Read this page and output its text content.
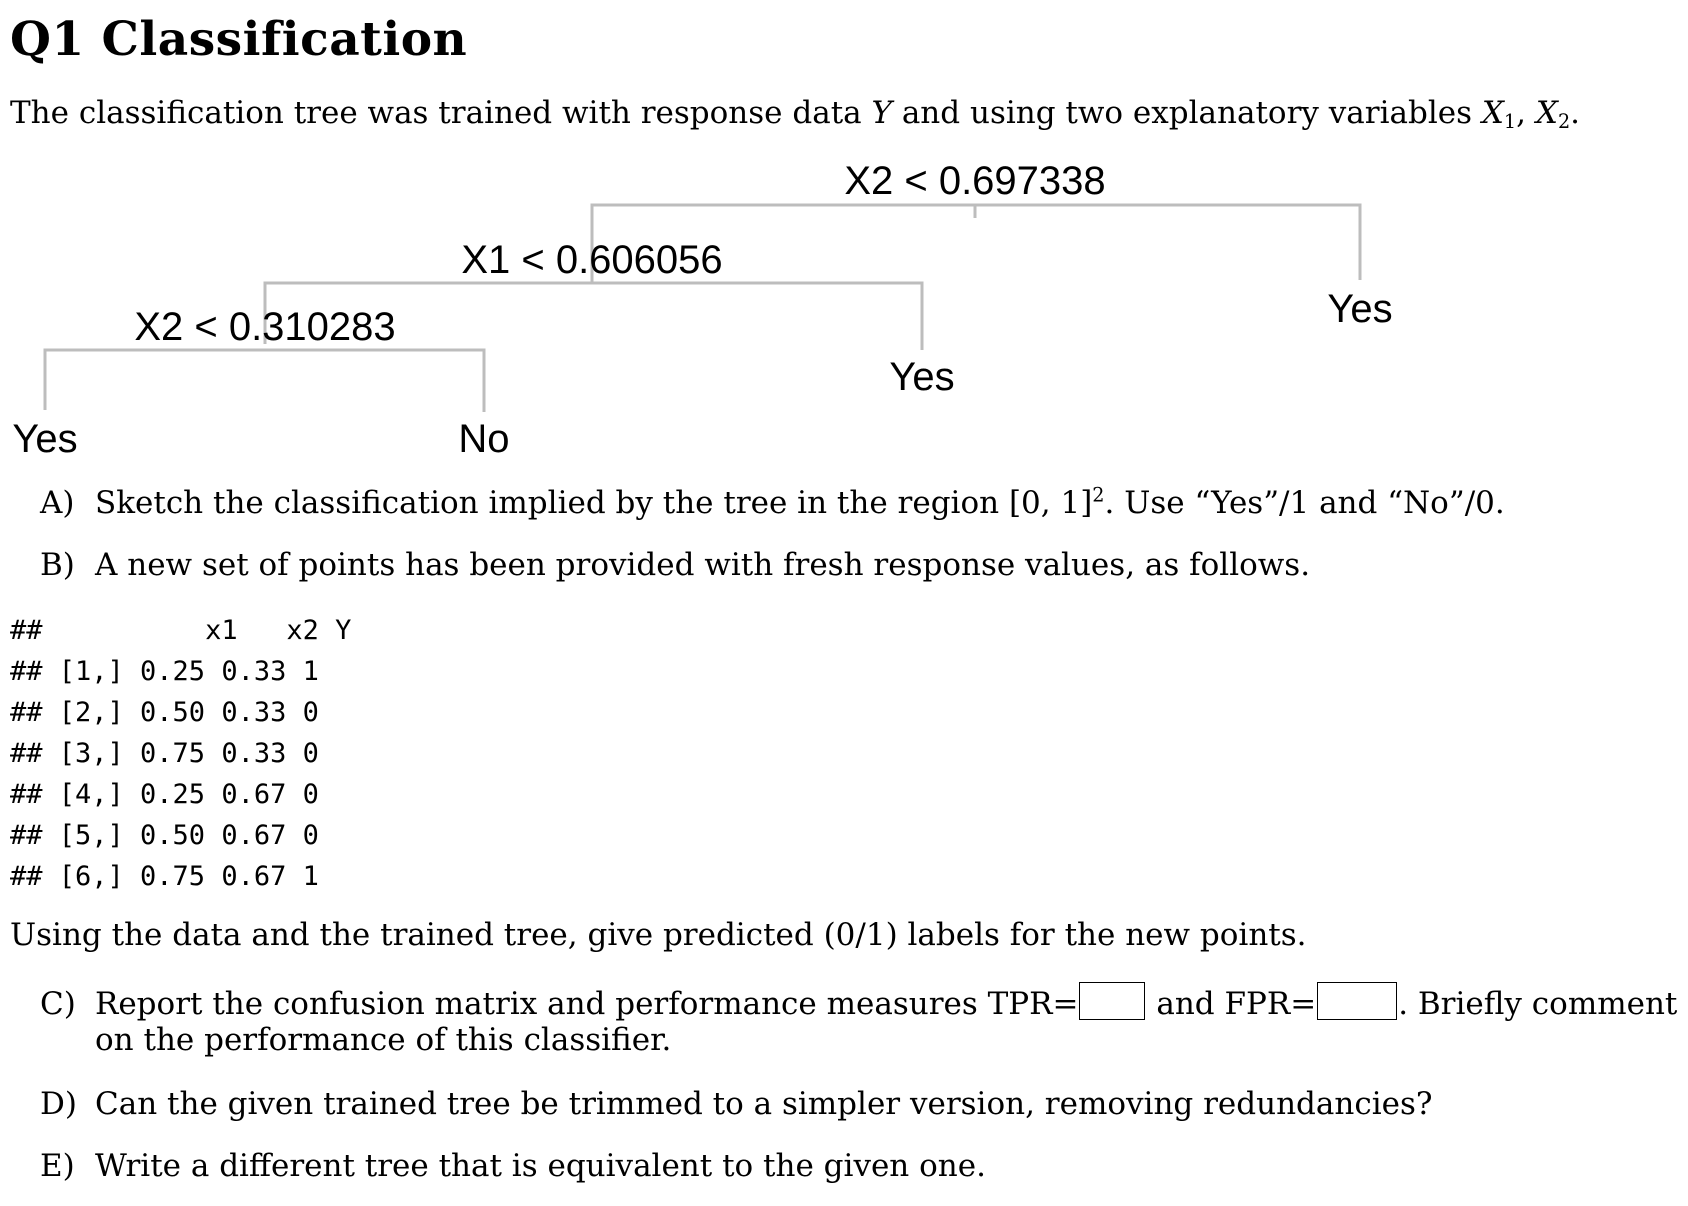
Q1 Classification
The classification tree was trained with response data Y and using two explanatory variables $X_1$, $X_2$.
X2 < 0.697338
X1 < 0.606056
X2 < 0.310283	Yes
Yes
Yes	No
A) Sketch the classification implied by the tree in the region [0, 1]$^2$. Use “Yes”/1 and “No”/0.
B) A new set of points has been provided with fresh response values, as follows.
##          x1   x2 Y
## [1,] 0.25 0.33 1
## [2,] 0.50 0.33 0
## [3,] 0.75 0.33 0
## [4,] 0.25 0.67 0
## [5,] 0.50 0.67 0
## [6,] 0.75 0.67 1
Using the data and the trained tree, give predicted (0/1) labels for the new points.
C) Report the confusion matrix and performance measures TPR=	and FPR=	. Briefly comment
on the performance of this classifier.
D) Can the given trained tree be trimmed to a simpler version, removing redundancies?
E) Write a different tree that is equivalent to the given one.
